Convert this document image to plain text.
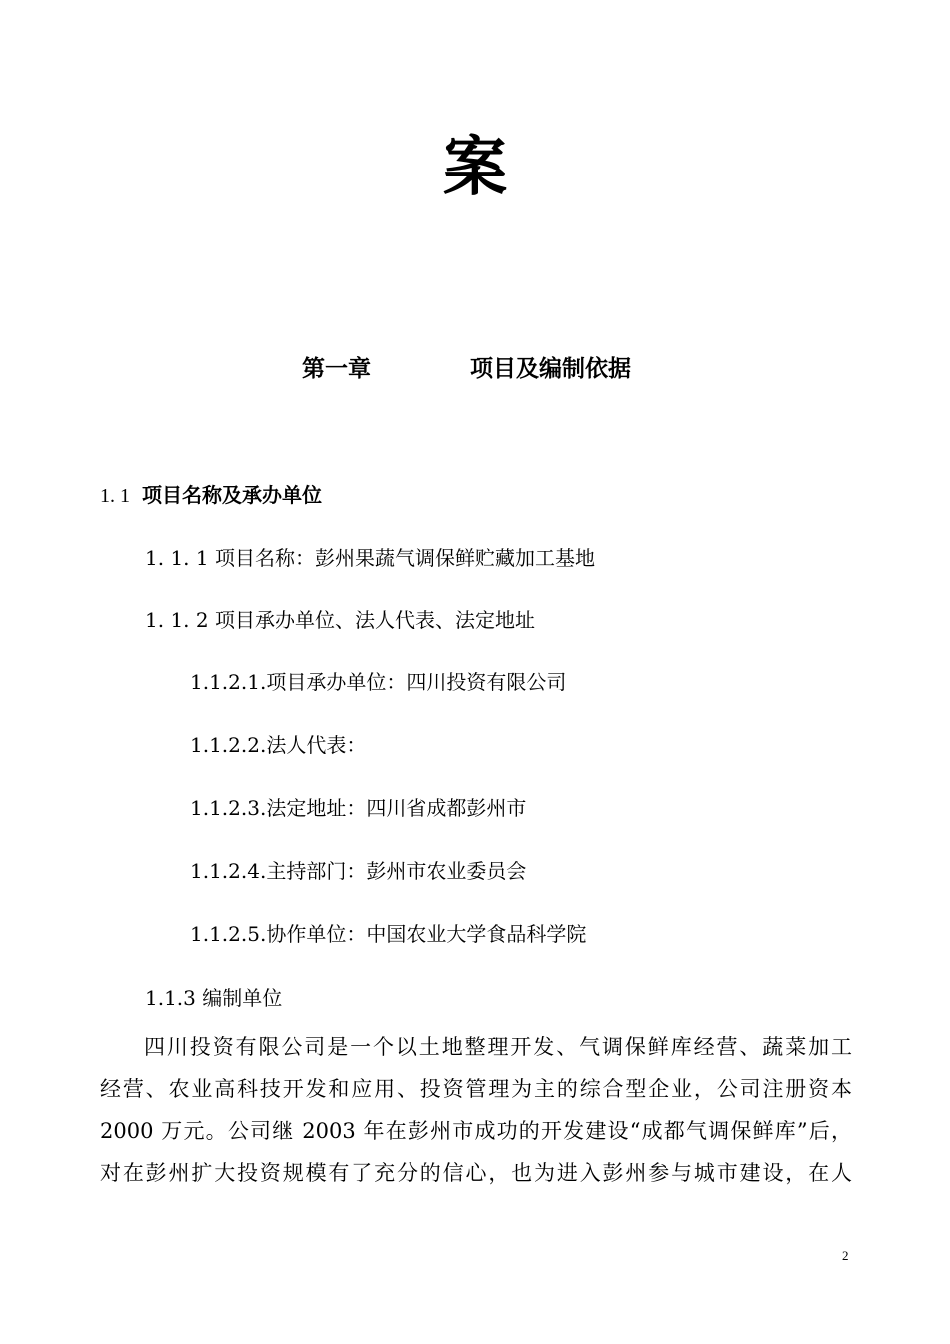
案
第一章	项目及编制依据
1. 1 项目名称及承办单位
1. 1. 1 项目名称：彭州果蔬气调保鲜贮藏加工基地
1. 1. 2 项目承办单位、法人代表、法定地址
1.1.2.1.项目承办单位：四川投资有限公司
1.1.2.2.法人代表：
1.1.2.3.法定地址：四川省成都彭州市
1.1.2.4.主持部门：彭州市农业委员会
1.1.2.5.协作单位：中国农业大学食品科学院
1.1.3 编制单位
四川投资有限公司是一个以土地整理开发、气调保鲜库经营、蔬菜加工
经营、农业高科技开发和应用、投资管理为主的综合型企业，公司注册资本
2000 万元。公司继 2003 年在彭州市成功的开发建设“成都气调保鲜库”后，
对在彭州扩大投资规模有了充分的信心，也为进入彭州参与城市建设，在人
2
